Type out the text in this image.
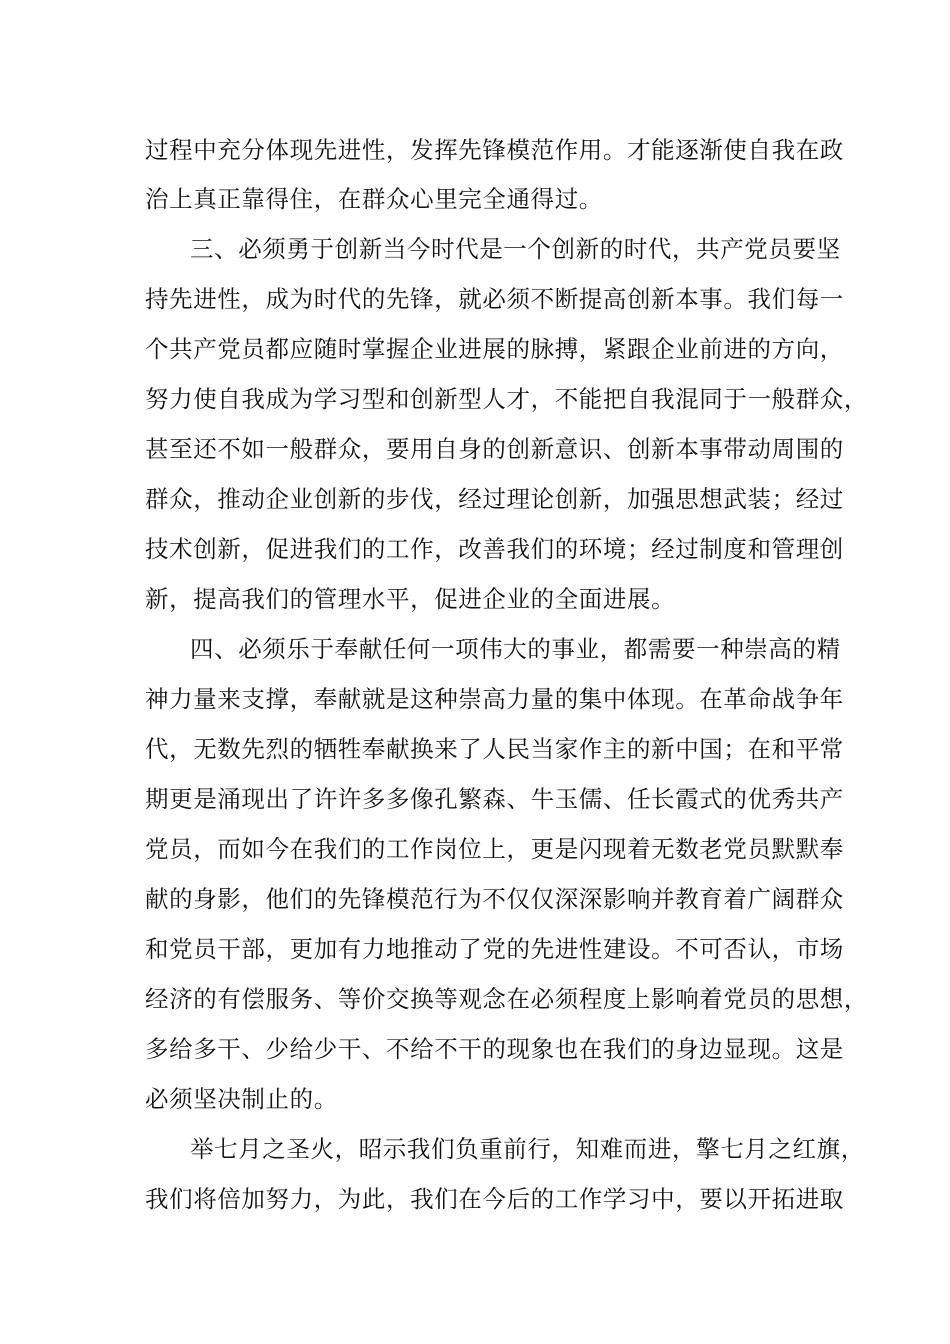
过程中充分体现先进性，发挥先锋模范作用。才能逐渐使自我在政
治上真正靠得住，在群众心里完全通得过。
三、必须勇于创新当今时代是一个创新的时代，共产党员要坚
持先进性，成为时代的先锋，就必须不断提高创新本事。我们每一
个共产党员都应随时掌握企业进展的脉搏，紧跟企业前进的方向，
努力使自我成为学习型和创新型人才，不能把自我混同于一般群众，
甚至还不如一般群众，要用自身的创新意识、创新本事带动周围的
群众，推动企业创新的步伐，经过理论创新，加强思想武装；经过
技术创新，促进我们的工作，改善我们的环境；经过制度和管理创
新，提高我们的管理水平，促进企业的全面进展。
四、必须乐于奉献任何一项伟大的事业，都需要一种崇高的精
神力量来支撑，奉献就是这种崇高力量的集中体现。在革命战争年
代，无数先烈的牺牲奉献换来了人民当家作主的新中国；在和平常
期更是涌现出了许许多多像孔繁森、牛玉儒、任长霞式的优秀共产
党员，而如今在我们的工作岗位上，更是闪现着无数老党员默默奉
献的身影，他们的先锋模范行为不仅仅深深影响并教育着广阔群众
和党员干部，更加有力地推动了党的先进性建设。不可否认，市场
经济的有偿服务、等价交换等观念在必须程度上影响着党员的思想，
多给多干、少给少干、不给不干的现象也在我们的身边显现。这是
必须坚决制止的。
举七月之圣火，昭示我们负重前行，知难而进，擎七月之红旗，
我们将倍加努力，为此，我们在今后的工作学习中，要以开拓进取
